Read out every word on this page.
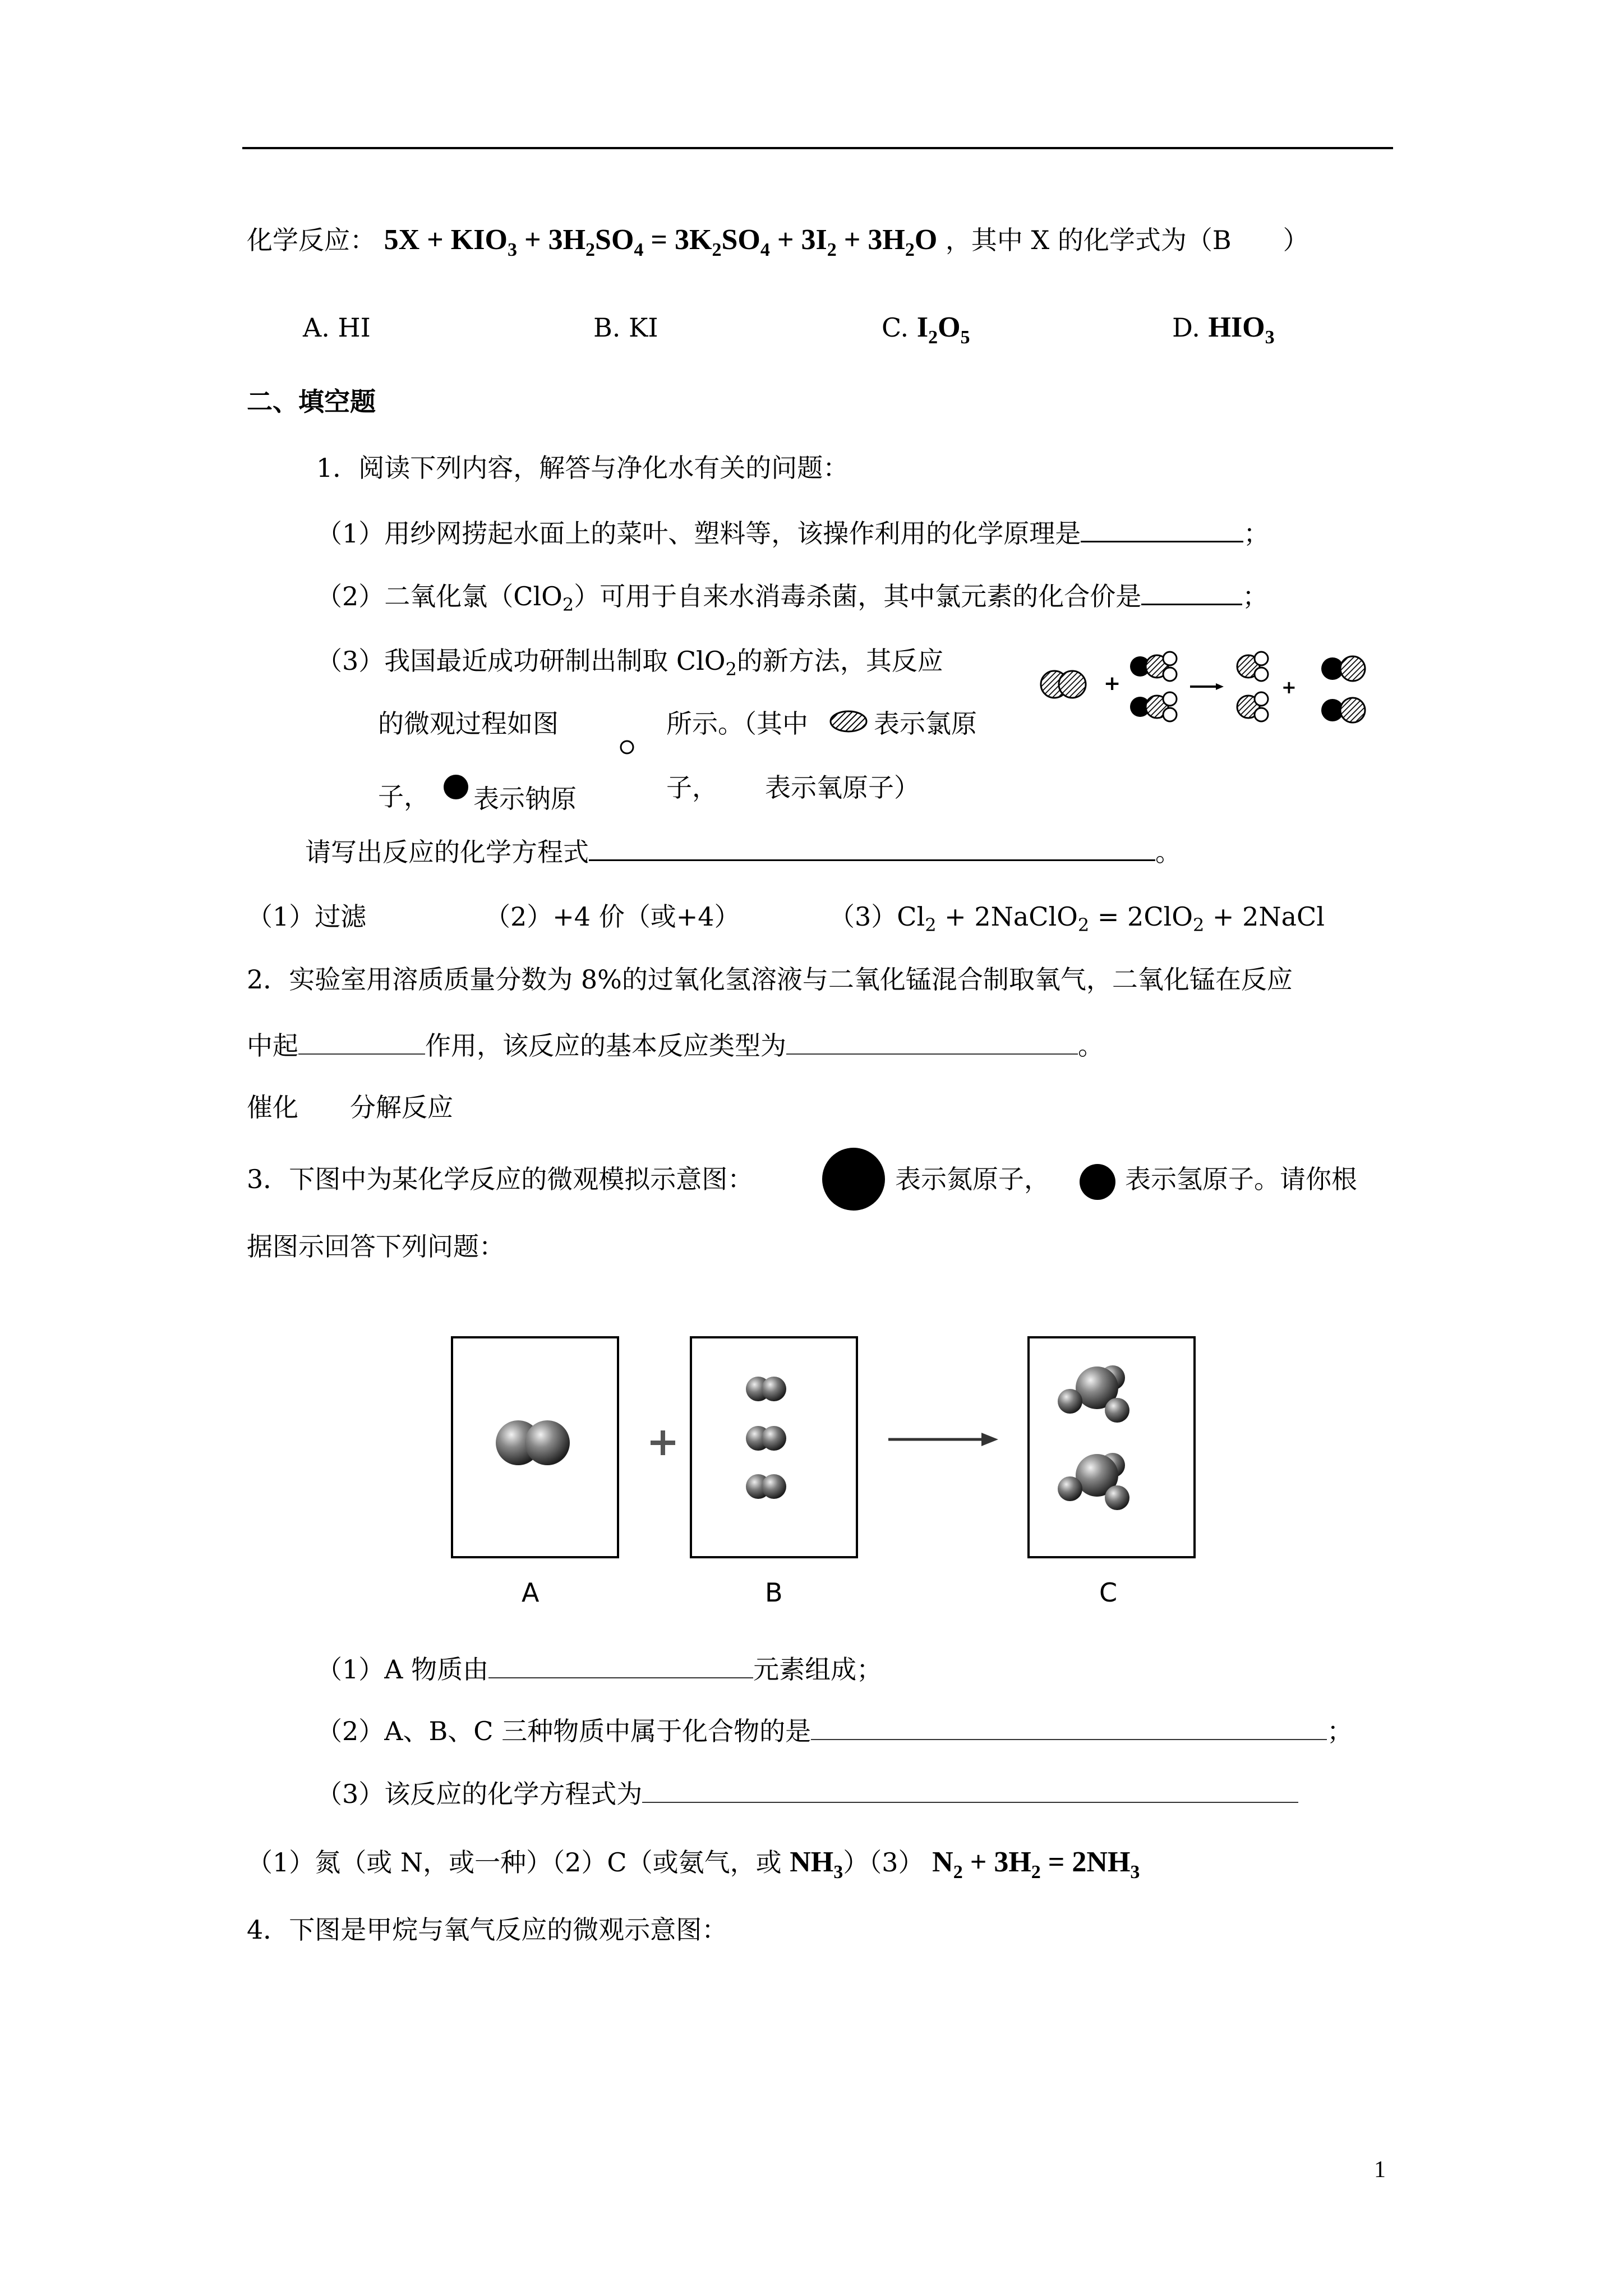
化学反应： $5X + KIO_3 + 3H_2SO_4 = 3K_2SO_4 + 3I_2 + 3H_2O$ ，其中 X 的化学式为（B　　）
A. HI	B. KI	C. $I_2O_5$	D. $HIO_3$
二、填空题
1．阅读下列内容，解答与净化水有关的问题：
（1）用纱网捞起水面上的菜叶、塑料等，该操作利用的化学原理是	；
（2）二氧化氯（ClO$_2$）可用于自来水消毒杀菌，其中氯元素的化合价是	；
（3）我国最近成功研制出制取 ClO$_2$的新方法，其反应
的微观过程如图	所示。（其中	表示氯原
子， 表示钠原	子， 表示氧原子）
+	+
请写出反应的化学方程式	。
（1）过滤	（2）+4 价（或+4）	$(3)Cl_2$ + 2NaClO$_2$ = 2ClO$_2$ + 2NaCl
2．实验室用溶质质量分数为 8%的过氧化氢溶液与二氧化锰混合制取氧气，二氧化锰在反应
中起	作用，该反应的基本反应类型为	。
催化　　分解反应
3．下图中为某化学反应的微观模拟示意图：	表示氮原子，	表示氢原子。请你根
据图示回答下列问题：
A	B	C
（1）A 物质由	元素组成；
（2）A、B、C 三种物质中属于化合物的是	；
（3）该反应的化学方程式为
（1）氮（或 N，或一种）（2）C（或氨气，或 $NH_3)(3)$ $N_2 + 3H_2 = 2NH_3$
4．下图是甲烷与氧气反应的微观示意图：
1
